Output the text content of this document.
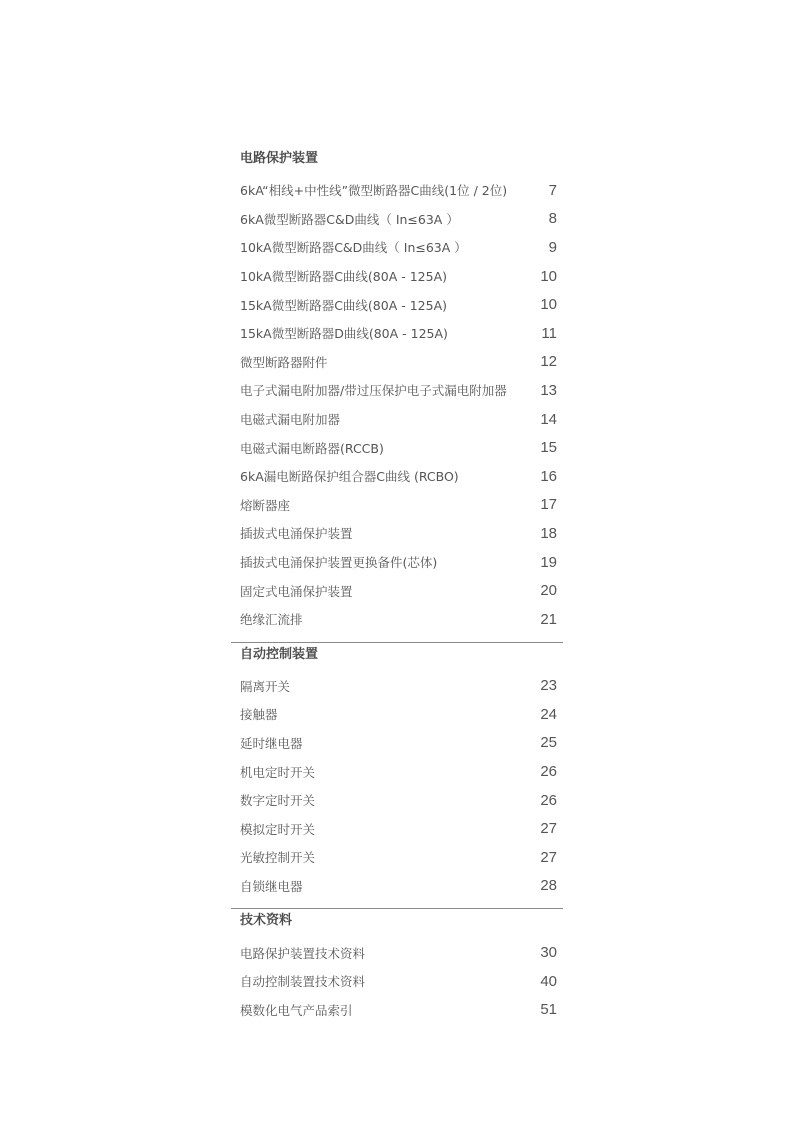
电路保护装置
6kA“相线+中性线”微型断路器C曲线(1位 / 2位)	7
6kA微型断路器C&D曲线（ In≤63A ）	8
10kA微型断路器C&D曲线（ In≤63A ）	9
10kA微型断路器C曲线(80A - 125A)	10
15kA微型断路器C曲线(80A - 125A)	10
15kA微型断路器D曲线(80A - 125A)	11
微型断路器附件	12
电子式漏电附加器/带过压保护电子式漏电附加器 13
电磁式漏电附加器	14
电磁式漏电断路器(RCCB)	15
6kA漏电断路保护组合器C曲线 (RCBO)	16
熔断器座	17
插拔式电涌保护装置	18
插拔式电涌保护装置更换备件(芯体)	19
固定式电涌保护装置	20
绝缘汇流排	21
自动控制装置
隔离开关	23
接触器	24
延时继电器	25
机电定时开关	26
数字定时开关	26
模拟定时开关	27
光敏控制开关	27
自锁继电器	28
技术资料
电路保护装置技术资料	30
自动控制装置技术资料	40
模数化电气产品索引	51
